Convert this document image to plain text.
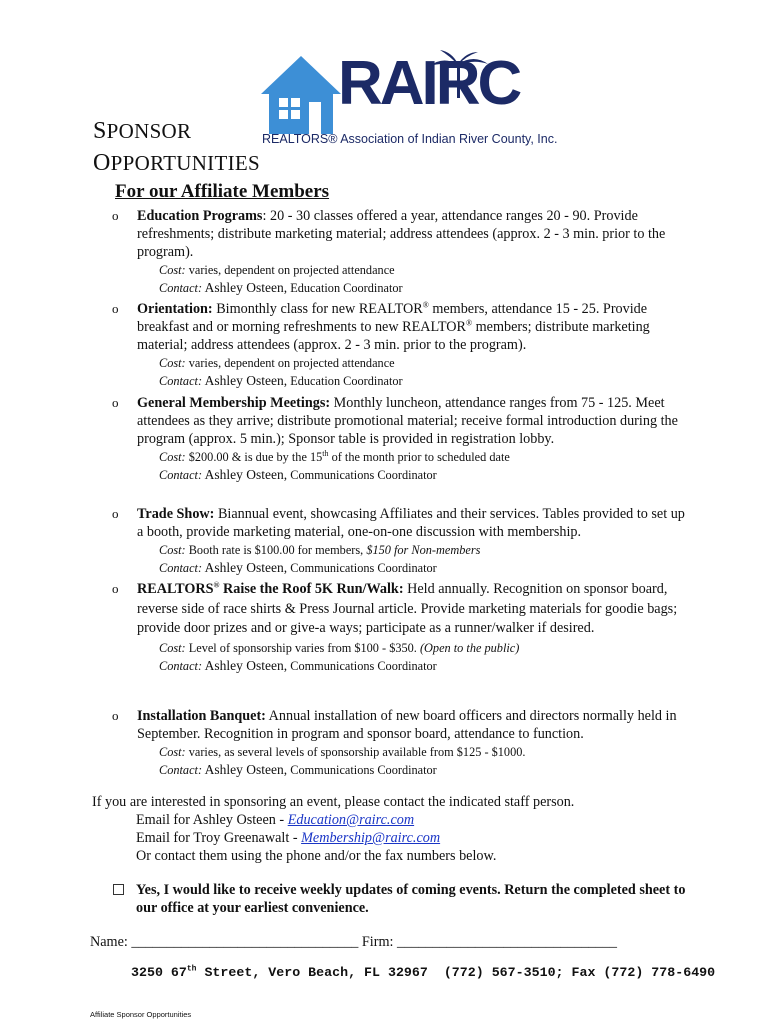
RAIRC
REALTORS® Association of Indian River County, Inc.
SPONSOR
OPPORTUNITIES
For our Affiliate Members
o Education Programs: 20 - 30 classes offered a year, attendance ranges 20 - 90. Provide refreshments; distribute marketing material; address attendees (approx. 2 - 3 min. prior to the program).
Cost: varies, dependent on projected attendance
Contact: Ashley Osteen, Education Coordinator
o Orientation: Bimonthly class for new REALTOR® members, attendance 15 - 25. Provide breakfast and or morning refreshments to new REALTOR® members; distribute marketing material; address attendees (approx. 2 - 3 min. prior to the program).
Cost: varies, dependent on projected attendance
Contact: Ashley Osteen, Education Coordinator
o General Membership Meetings: Monthly luncheon, attendance ranges from 75 - 125. Meet attendees as they arrive; distribute promotional material; receive formal introduction during the program (approx. 5 min.); Sponsor table is provided in registration lobby.
Cost: $200.00 & is due by the 15th of the month prior to scheduled date
Contact: Ashley Osteen, Communications Coordinator
o Trade Show: Biannual event, showcasing Affiliates and their services. Tables provided to set up a booth, provide marketing material, one-on-one discussion with membership.
Cost: Booth rate is $100.00 for members, $150 for Non-members
Contact: Ashley Osteen, Communications Coordinator
o REALTORS® Raise the Roof 5K Run/Walk: Held annually. Recognition on sponsor board, reverse side of race shirts & Press Journal article. Provide marketing materials for goodie bags; provide door prizes and or give-a ways; participate as a runner/walker if desired.
Cost: Level of sponsorship varies from $100 - $350. (Open to the public)
Contact: Ashley Osteen, Communications Coordinator
o Installation Banquet: Annual installation of new board officers and directors normally held in September. Recognition in program and sponsor board, attendance to function.
Cost: varies, as several levels of sponsorship available from $125 - $1000.
Contact: Ashley Osteen, Communications Coordinator
If you are interested in sponsoring an event, please contact the indicated staff person.
Email for Ashley Osteen - Education@rairc.com
Email for Troy Greenawalt - Membership@rairc.com
Or contact them using the phone and/or the fax numbers below.
Yes, I would like to receive weekly updates of coming events. Return the completed sheet to our office at your earliest convenience.
Name: ________________________________ Firm: _______________________________
3250 67th Street, Vero Beach, FL 32967  (772) 567-3510; Fax (772) 778-6490
Affiliate Sponsor Opportunities
